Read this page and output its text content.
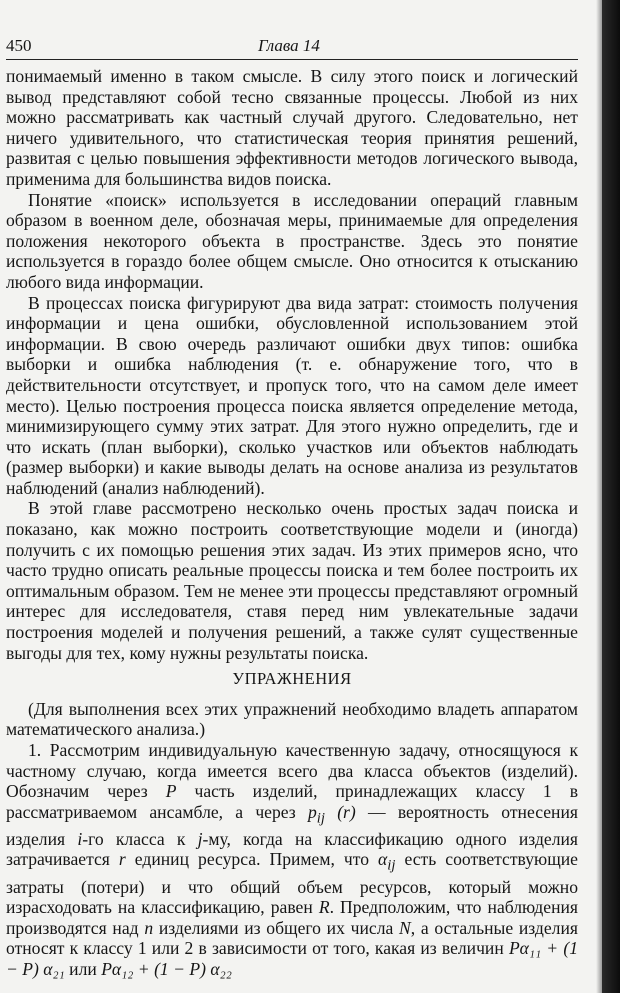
450	Глава 14

понимаемый именно в таком смысле. В силу этого поиск и логический вывод представляют собой тесно связанные процессы. Любой из них можно рассматривать как частный случай другого. Следовательно, нет ничего удивительного, что статистическая теория принятия решений, развитая с целью повышения эффективности методов логического вывода, применима для большинства видов поиска.

Понятие «поиск» используется в исследовании операций главным образом в военном деле, обозначая меры, принимаемые для определения положения некоторого объекта в пространстве. Здесь это понятие используется в гораздо более общем смысле. Оно относится к отысканию любого вида информации.

В процессах поиска фигурируют два вида затрат: стоимость получения информации и цена ошибки, обусловленной использованием этой информации. В свою очередь различают ошибки двух типов: ошибка выборки и ошибка наблюдения (т. е. обнаружение того, что в действительности отсутствует, и пропуск того, что на самом деле имеет место). Целью построения процесса поиска является определение метода, минимизирующего сумму этих затрат. Для этого нужно определить, где и что искать (план выборки), сколько участков или объектов наблюдать (размер выборки) и какие выводы делать на основе анализа из результатов наблюдений (анализ наблюдений).

В этой главе рассмотрено несколько очень простых задач поиска и показано, как можно построить соответствующие модели и (иногда) получить с их помощью решения этих задач. Из этих примеров ясно, что часто трудно описать реальные процессы поиска и тем более построить их оптимальным образом. Тем не менее эти процессы представляют огромный интерес для исследователя, ставя перед ним увлекательные задачи построения моделей и получения решений, а также сулят существенные выгоды для тех, кому нужны результаты поиска.

УПРАЖНЕНИЯ

(Для выполнения всех этих упражнений необходимо владеть аппаратом математического анализа.)

1. Рассмотрим индивидуальную качественную задачу, относящуюся к частному случаю, когда имеется всего два класса объектов (изделий). Обозначим через P часть изделий, принадлежащих классу 1 в рассматриваемом ансамбле, а через $p_{ij}$ (r) — вероятность отнесения изделия i-го класса к j-му, когда на классификацию одного изделия затрачивается r единиц ресурса. Примем, что $\alpha_{ij}$ есть соответствующие затраты (потери) и что общий объем ресурсов, который можно израсходовать на классификацию, равен R. Предположим, что наблюдения производятся над n изделиями из общего их числа N, а остальные изделия относят к классу 1 или 2 в зависимости от того, какая из величин Pα₁₁ + (1 − P) α₂₁ или Pα₁₂ + (1 − P) α₂₂
